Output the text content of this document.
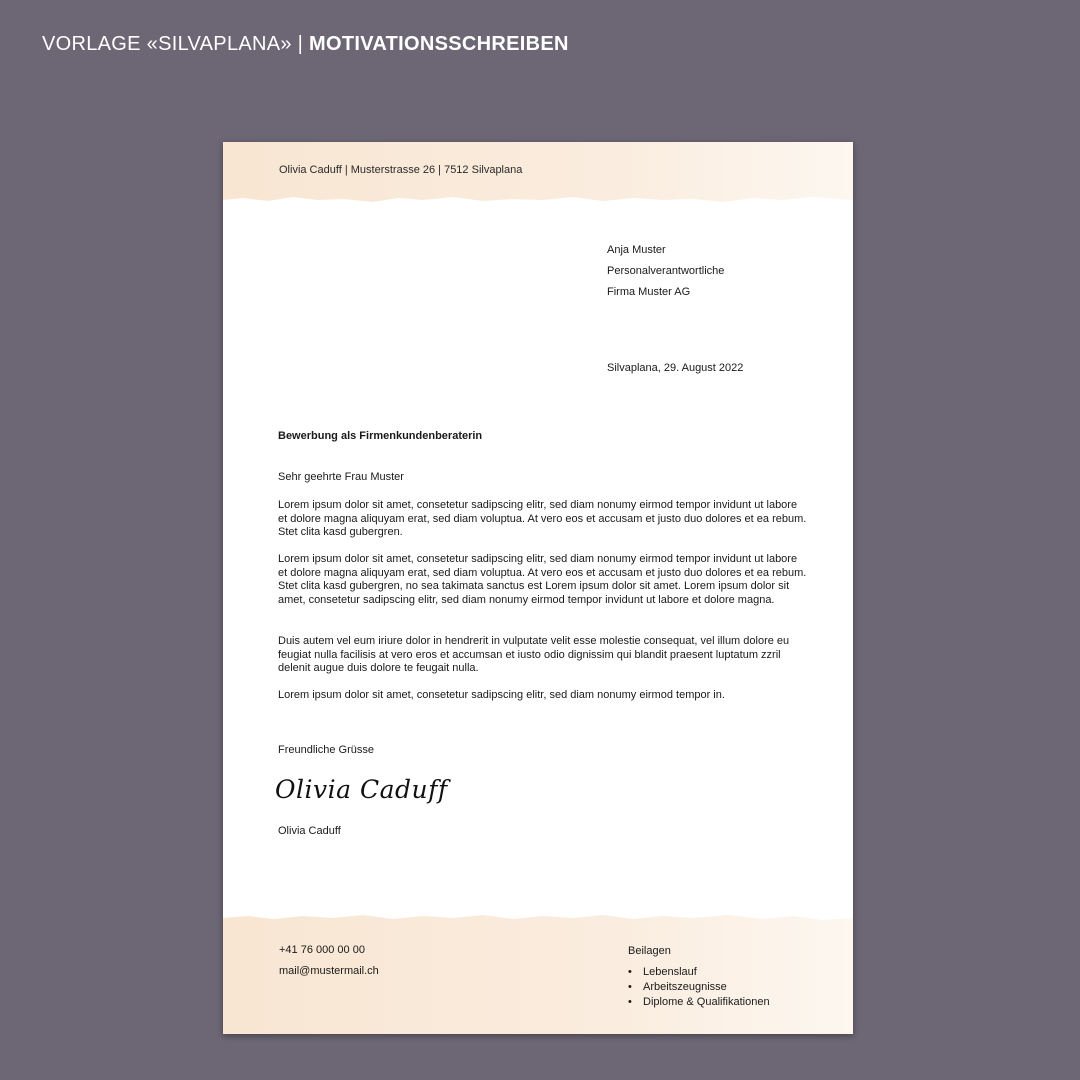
VORLAGE «SILVAPLANA» | MOTIVATIONSSCHREIBEN
Olivia Caduff | Musterstrasse 26 | 7512 Silvaplana
Anja Muster
Personalverantwortliche
Firma Muster AG
Silvaplana, 29. August 2022
Bewerbung als Firmenkundenberaterin
Sehr geehrte Frau Muster

Lorem ipsum dolor sit amet, consetetur sadipscing elitr, sed diam nonumy eirmod tempor invidunt ut labore et dolore magna aliquyam erat, sed diam voluptua. At vero eos et accusam et justo duo dolores et ea rebum. Stet clita kasd gubergren.

Lorem ipsum dolor sit amet, consetetur sadipscing elitr, sed diam nonumy eirmod tempor invidunt ut labore et dolore magna aliquyam erat, sed diam voluptua. At vero eos et accusam et justo duo dolores et ea rebum. Stet clita kasd gubergren, no sea takimata sanctus est Lorem ipsum dolor sit amet. Lorem ipsum dolor sit amet, consetetur sadipscing elitr, sed diam nonumy eirmod tempor invidunt ut labore et dolore magna.

Duis autem vel eum iriure dolor in hendrerit in vulputate velit esse molestie consequat, vel illum dolore eu feugiat nulla facilisis at vero eros et accumsan et iusto odio dignissim qui blandit praesent luptatum zzril delenit augue duis dolore te feugait nulla.

Lorem ipsum dolor sit amet, consetetur sadipscing elitr, sed diam nonumy eirmod tempor in.

Freundliche Grüsse
Olivia Caduff
Olivia Caduff
+41 76 000 00 00
mail@mustermail.ch
Beilagen
• Lebenslauf
• Arbeitszeugnisse
• Diplome & Qualifikationen
